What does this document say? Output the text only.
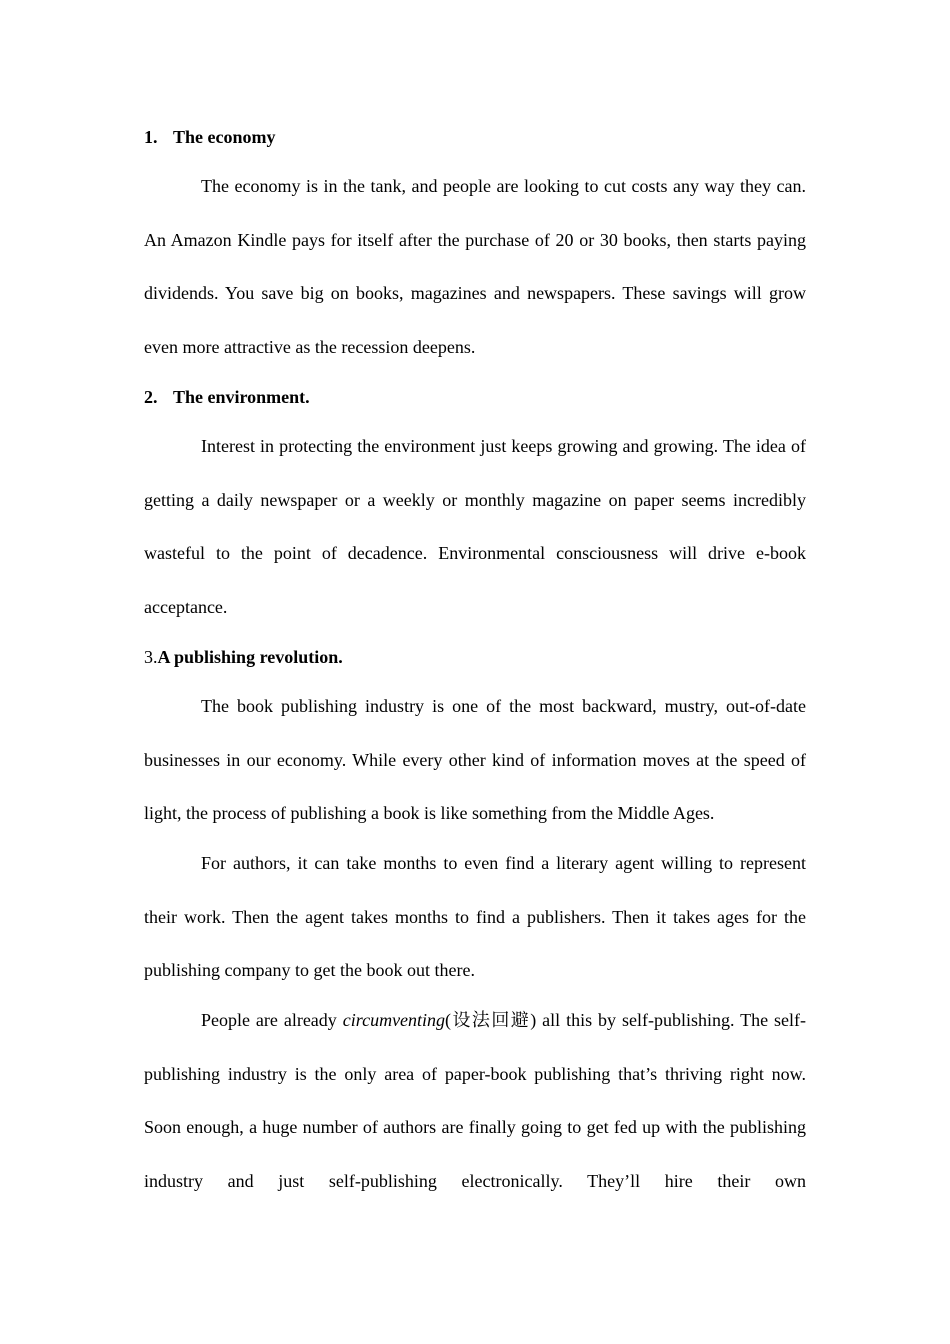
1. The economy

The economy is in the tank, and people are looking to cut costs any way they can. An Amazon Kindle pays for itself after the purchase of 20 or 30 books, then starts paying dividends. You save big on books, magazines and newspapers. These savings will grow even more attractive as the recession deepens.

2. The environment.

Interest in protecting the environment just keeps growing and growing. The idea of getting a daily newspaper or a weekly or monthly magazine on paper seems incredibly wasteful to the point of decadence. Environmental consciousness will drive e-book acceptance.

3.A publishing revolution.

The book publishing industry is one of the most backward, mustry, out-of-date businesses in our economy. While every other kind of information moves at the speed of light, the process of publishing a book is like something from the Middle Ages.

For authors, it can take months to even find a literary agent willing to represent their work. Then the agent takes months to find a publishers. Then it takes ages for the publishing company to get the book out there.

People are already circumventing(设法回避) all this by self-publishing. The self-publishing industry is the only area of paper-book publishing that’s thriving right now. Soon enough, a huge number of authors are finally going to get fed up with the publishing industry and just self-publishing electronically. They’ll hire their own
